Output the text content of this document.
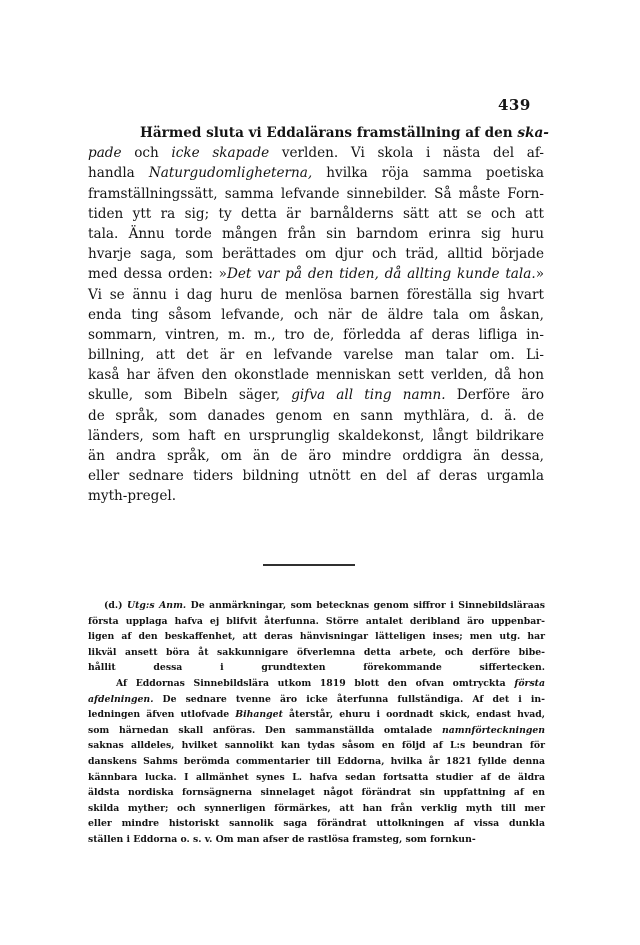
439
Härmed sluta vi Eddalärans framställning af den ska-
pade och icke skapade verlden. Vi skola i nästa del af-
handla Naturgudomligheterna, hvilka röja samma poetiska
framställningssätt, samma lefvande sinnebilder. Så måste Forn-
tiden ytt ra sig; ty detta är barnålderns sätt att se och att
tala. Ännu torde mången från sin barndom erinra sig huru
hvarje saga, som berättades om djur och träd, alltid började
med dessa orden: »Det var på den tiden, då allting kunde tala.»
Vi se ännu i dag huru de menlösa barnen föreställa sig hvart
enda ting såsom lefvande, och när de äldre tala om åskan,
sommarn, vintren, m. m., tro de, förledda af deras lifliga in-
billning, att det är en lefvande varelse man talar om. Li-
kaså har äfven den okonstlade menniskan sett verlden, då hon
skulle, som Bibeln säger, gifva all ting namn. Derföre äro
de språk, som danades genom en sann mythlära, d. ä. de
länders, som haft en ursprunglig skaldekonst, långt bildrikare
än andra språk, om än de äro mindre orddigra än dessa,
eller sednare tiders bildning utnött en del af deras urgamla
myth-pregel.
(d.) Utg:s Anm. De anmärkningar, som betecknas genom siffror i Sinnebildsläraas
första upplaga hafva ej blifvit återfunna. Större antalet deribland äro uppenbar-
ligen af den beskaffenhet, att deras hänvisningar lätteligen inses; men utg. har
likväl ansett böra åt sakkunnigare öfverlemna detta arbete, och derföre bibe-
hållit dessa i grundtexten förekommande siffertecken.
Af Eddornas Sinnebildslära utkom 1819 blott den ofvan omtryckta första
afdelningen. De sednare tvenne äro icke återfunna fullständiga. Af det i in-
ledningen äfven utlofvade Bihanget återstår, ehuru i oordnadt skick, endast hvad,
som härnedan skall anföras. Den sammanställda omtalade namnförteckningen
saknas alldeles, hvilket sannolikt kan tydas såsom en följd af L:s beundran för
danskens Sahms berömda commentarier till Eddorna, hvilka år 1821 fyllde denna
kännbara lucka. I allmänhet synes L. hafva sedan fortsatta studier af de äldra
äldsta nordiska fornsägnerna sinnelaget något förändrat sin uppfattning af en
skilda myther; och synnerligen förmärkes, att han från verklig myth till mer
eller mindre historiskt sannolik saga förändrat uttolkningen af vissa dunkla
ställen i Eddorna o. s. v. Om man afser de rastlösa framsteg, som fornkun-
